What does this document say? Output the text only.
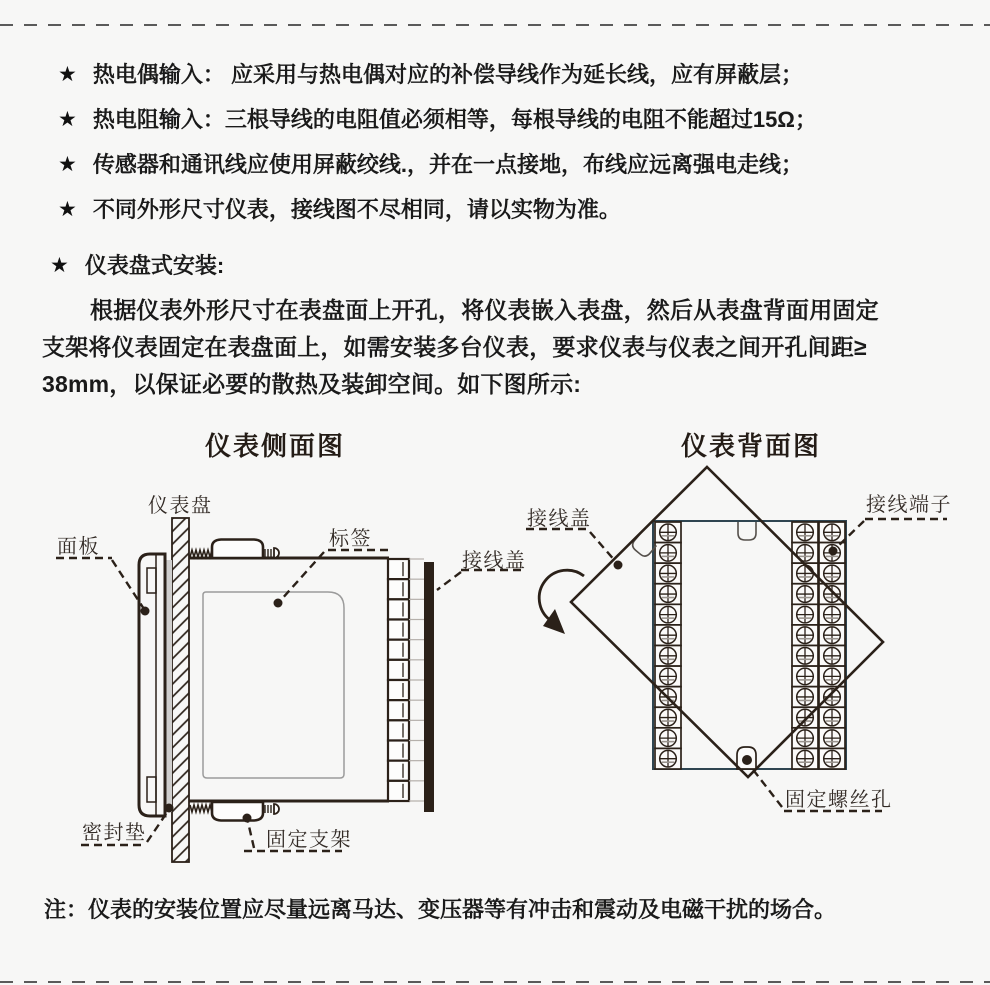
★ 热电偶输入： 应采用与热电偶对应的补偿导线作为延长线，应有屏蔽层；
★ 热电阻输入：三根导线的电阻值必须相等，每根导线的电阻不能超过15Ω；
★ 传感器和通讯线应使用屏蔽绞线.，并在一点接地，布线应远离强电走线；
★ 不同外形尺寸仪表，接线图不尽相同，请以实物为准。
★ 仪表盘式安装:
根据仪表外形尺寸在表盘面上开孔，将仪表嵌入表盘，然后从表盘背面用固定
支架将仪表固定在表盘面上，如需安装多台仪表，要求仪表与仪表之间开孔间距≥
38mm，以保证必要的散热及装卸空间。如下图所示:
仪表侧面图	仪表背面图
仪表盘
面板	标签
接线盖
密封垫	固定支架
接线盖
接线端子
固定螺丝孔
注：仪表的安装位置应尽量远离马达、变压器等有冲击和震动及电磁干扰的场合。
